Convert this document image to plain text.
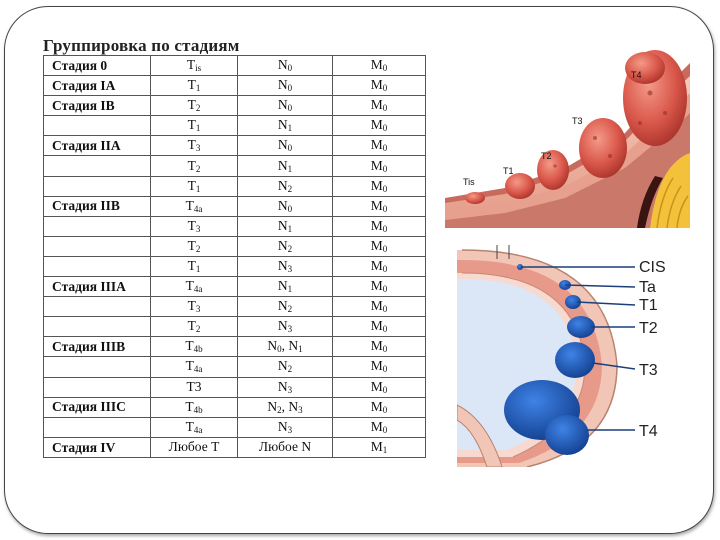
Группировка по стадиям
Стадия 0	$T_{is}$	$N_0$	$M_0$
Стадия IA	$T_1$	$N_0$	$M_0$
Стадия IB	$T_2$	$N_0$	$M_0$
	$T_1$	$N_1$	$M_0$
Стадия IIA	$T_3$	$N_0$	$M_0$
	$T_2$	$N_1$	$M_0$
	$T_1$	$N_2$	$M_0$
Стадия IIB	$T_{4a}$	$N_0$	$M_0$
	$T_3$	$N_1$	$M_0$
	$T_2$	$N_2$	$M_0$
	$T_1$	$N_3$	$M_0$
Стадия IIIA	$T_{4a}$	$N_1$	$M_0$
	$T_3$	$N_2$	$M_0$
	$T_2$	$N_3$	$M_0$
Стадия IIIB	$T_{4b}$	$N_0$, $N_1$	$M_0$
	$T_{4a}$	$N_2$	$M_0$
	T3	$N_3$	$M_0$
Стадия IIIC	$T_{4b}$	$N_2$, $N_3$	$M_0$
	$T_{4a}$	$N_3$	$M_0$
Стадия IV	Любое T	Любое N	$M_1$
Tis
T1
T2
T3
T4
CIS
Ta
T1
T2
T3
T4
